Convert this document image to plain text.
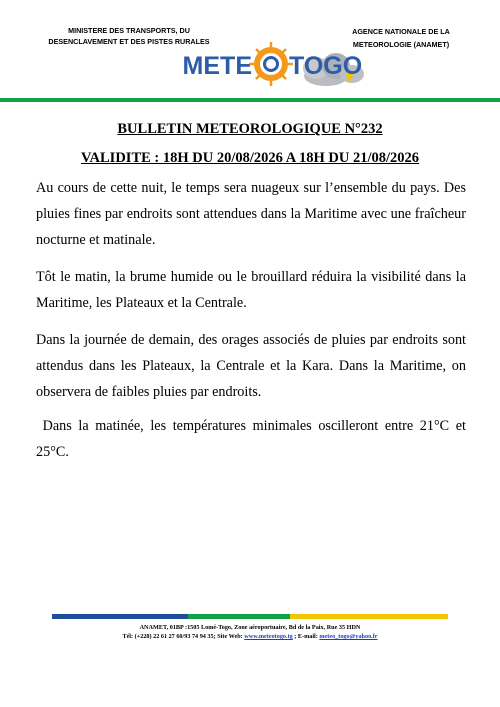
MINISTERE DES TRANSPORTS, DU
DESENCLAVEMENT ET DES PISTES RURALES
AGENCE NATIONALE DE LA
METEOROLOGIE (ANAMET)
METE TOGO
BULLETIN METEOROLOGIQUE N°232
VALIDITE : 18H DU 20/08/2026 A 18H DU 21/08/2026
Au cours de cette nuit, le temps sera nuageux sur l’ensemble du pays. Des pluies fines par endroits sont attendues dans la Maritime avec une fraîcheur nocturne et matinale.
Tôt le matin, la brume humide ou le brouillard réduira la visibilité dans la Maritime, les Plateaux et la Centrale.
Dans la journée de demain, des orages associés de pluies par endroits sont attendus dans les Plateaux, la Centrale et la Kara. Dans la Maritime, on observera de faibles pluies par endroits.
Dans la matinée, les températures minimales oscilleront entre 21°C et 25°C.
ANAMET, 01BP :1505 Lomé-Togo, Zone aéroportuaire, Bd de la Paix, Rue 35 HDN
Tél: (+228) 22 61 27 60/93 74 94 35; Site Web: www.meteotogo.tg ; E-mail: meteo_togo@yahoo.fr
